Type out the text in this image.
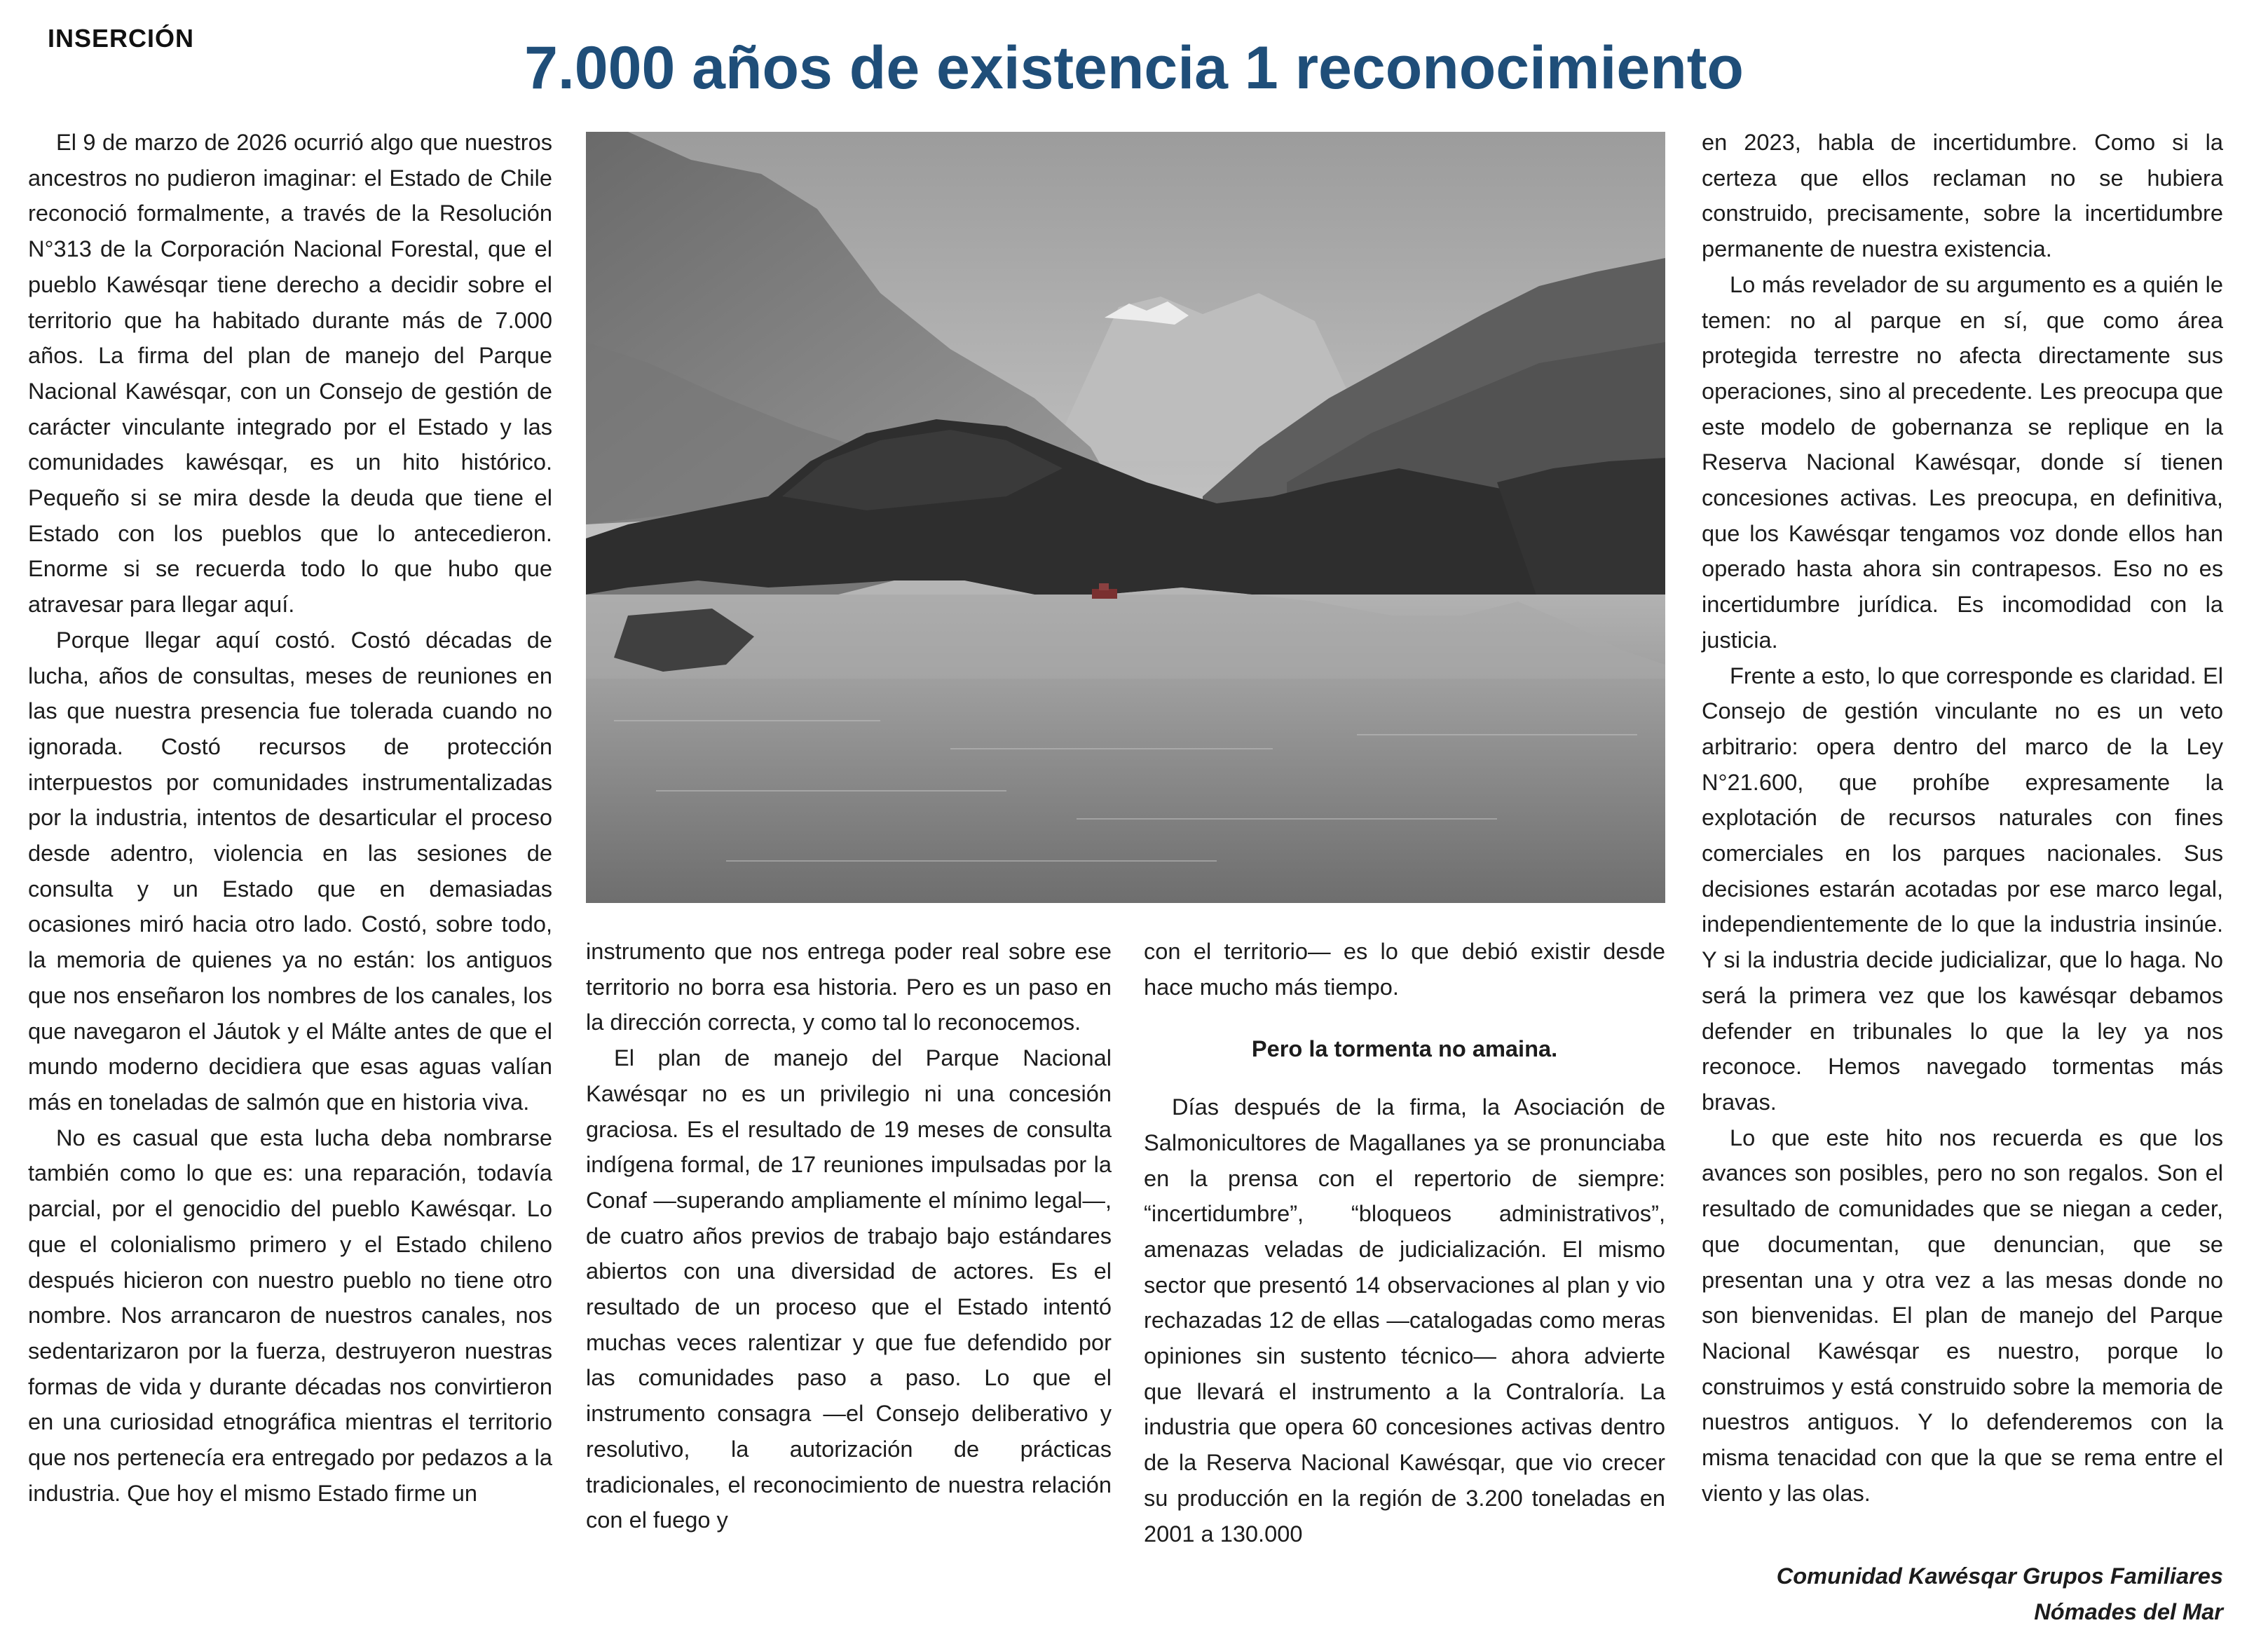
INSERCIÓN	7.000 años de existencia 1 reconocimiento

El 9 de marzo de 2026 ocurrió algo que nuestros ancestros no pudieron imaginar: el Estado de Chile reconoció formalmente, a través de la Resolución N°313 de la Corporación Nacional Forestal, que el pueblo Kawésqar tiene derecho a decidir sobre el territorio que ha habitado durante más de 7.000 años. La firma del plan de manejo del Parque Nacional Kawésqar, con un Consejo de gestión de carácter vinculante integrado por el Estado y las comunidades kawésqar, es un hito histórico. Pequeño si se mira desde la deuda que tiene el Estado con los pueblos que lo antecedieron. Enorme si se recuerda todo lo que hubo que atravesar para llegar aquí.

Porque llegar aquí costó. Costó décadas de lucha, años de consultas, meses de reuniones en las que nuestra presencia fue tolerada cuando no ignorada. Costó recursos de protección interpuestos por comunidades instrumentalizadas por la industria, intentos de desarticular el proceso desde adentro, violencia en las sesiones de consulta y un Estado que en demasiadas ocasiones miró hacia otro lado. Costó, sobre todo, la memoria de quienes ya no están: los antiguos que nos enseñaron los nombres de los canales, los que navegaron el Jáutok y el Málte antes de que el mundo moderno decidiera que esas aguas valían más en toneladas de salmón que en historia viva.

No es casual que esta lucha deba nombrarse también como lo que es: una reparación, todavía parcial, por el genocidio del pueblo Kawésqar. Lo que el colonialismo primero y el Estado chileno después hicieron con nuestro pueblo no tiene otro nombre. Nos arrancaron de nuestros canales, nos sedentarizaron por la fuerza, destruyeron nuestras formas de vida y durante décadas nos convirtieron en una curiosidad etnográfica mientras el territorio que nos pertenecía era entregado por pedazos a la industria. Que hoy el mismo Estado firme un

instrumento que nos entrega poder real sobre ese territorio no borra esa historia. Pero es un paso en la dirección correcta, y como tal lo reconocemos.

El plan de manejo del Parque Nacional Kawésqar no es un privilegio ni una concesión graciosa. Es el resultado de 19 meses de consulta indígena formal, de 17 reuniones impulsadas por la Conaf —superando ampliamente el mínimo legal—, de cuatro años previos de trabajo bajo estándares abiertos con una diversidad de actores. Es el resultado de un proceso que el Estado intentó muchas veces ralentizar y que fue defendido por las comunidades paso a paso. Lo que el instrumento consagra —el Consejo deliberativo y resolutivo, la autorización de prácticas tradicionales, el reconocimiento de nuestra relación con el fuego y

con el territorio— es lo que debió existir desde hace mucho más tiempo.

Pero la tormenta no amaina.

Días después de la firma, la Asociación de Salmonicultores de Magallanes ya se pronunciaba en la prensa con el repertorio de siempre: “incertidumbre”, “bloqueos administrativos”, amenazas veladas de judicialización. El mismo sector que presentó 14 observaciones al plan y vio rechazadas 12 de ellas —catalogadas como meras opiniones sin sustento técnico— ahora advierte que llevará el instrumento a la Contraloría. La industria que opera 60 concesiones activas dentro de la Reserva Nacional Kawésqar, que vio crecer su producción en la región de 3.200 toneladas en 2001 a 130.000

en 2023, habla de incertidumbre. Como si la certeza que ellos reclaman no se hubiera construido, precisamente, sobre la incertidumbre permanente de nuestra existencia.

Lo más revelador de su argumento es a quién le temen: no al parque en sí, que como área protegida terrestre no afecta directamente sus operaciones, sino al precedente. Les preocupa que este modelo de gobernanza se replique en la Reserva Nacional Kawésqar, donde sí tienen concesiones activas. Les preocupa, en definitiva, que los Kawésqar tengamos voz donde ellos han operado hasta ahora sin contrapesos. Eso no es incertidumbre jurídica. Es incomodidad con la justicia.

Frente a esto, lo que corresponde es claridad. El Consejo de gestión vinculante no es un veto arbitrario: opera dentro del marco de la Ley N°21.600, que prohíbe expresamente la explotación de recursos naturales con fines comerciales en los parques nacionales. Sus decisiones estarán acotadas por ese marco legal, independientemente de lo que la industria insinúe. Y si la industria decide judicializar, que lo haga. No será la primera vez que los kawésqar debamos defender en tribunales lo que la ley ya nos reconoce. Hemos navegado tormentas más bravas.

Lo que este hito nos recuerda es que los avances son posibles, pero no son regalos. Son el resultado de comunidades que se niegan a ceder, que documentan, que denuncian, que se presentan una y otra vez a las mesas donde no son bienvenidas. El plan de manejo del Parque Nacional Kawésqar es nuestro, porque lo construimos y está construido sobre la memoria de nuestros antiguos. Y lo defenderemos con la misma tenacidad con que la que se rema entre el viento y las olas.

Comunidad Kawésqar Grupos Familiares
Nómades del Mar
